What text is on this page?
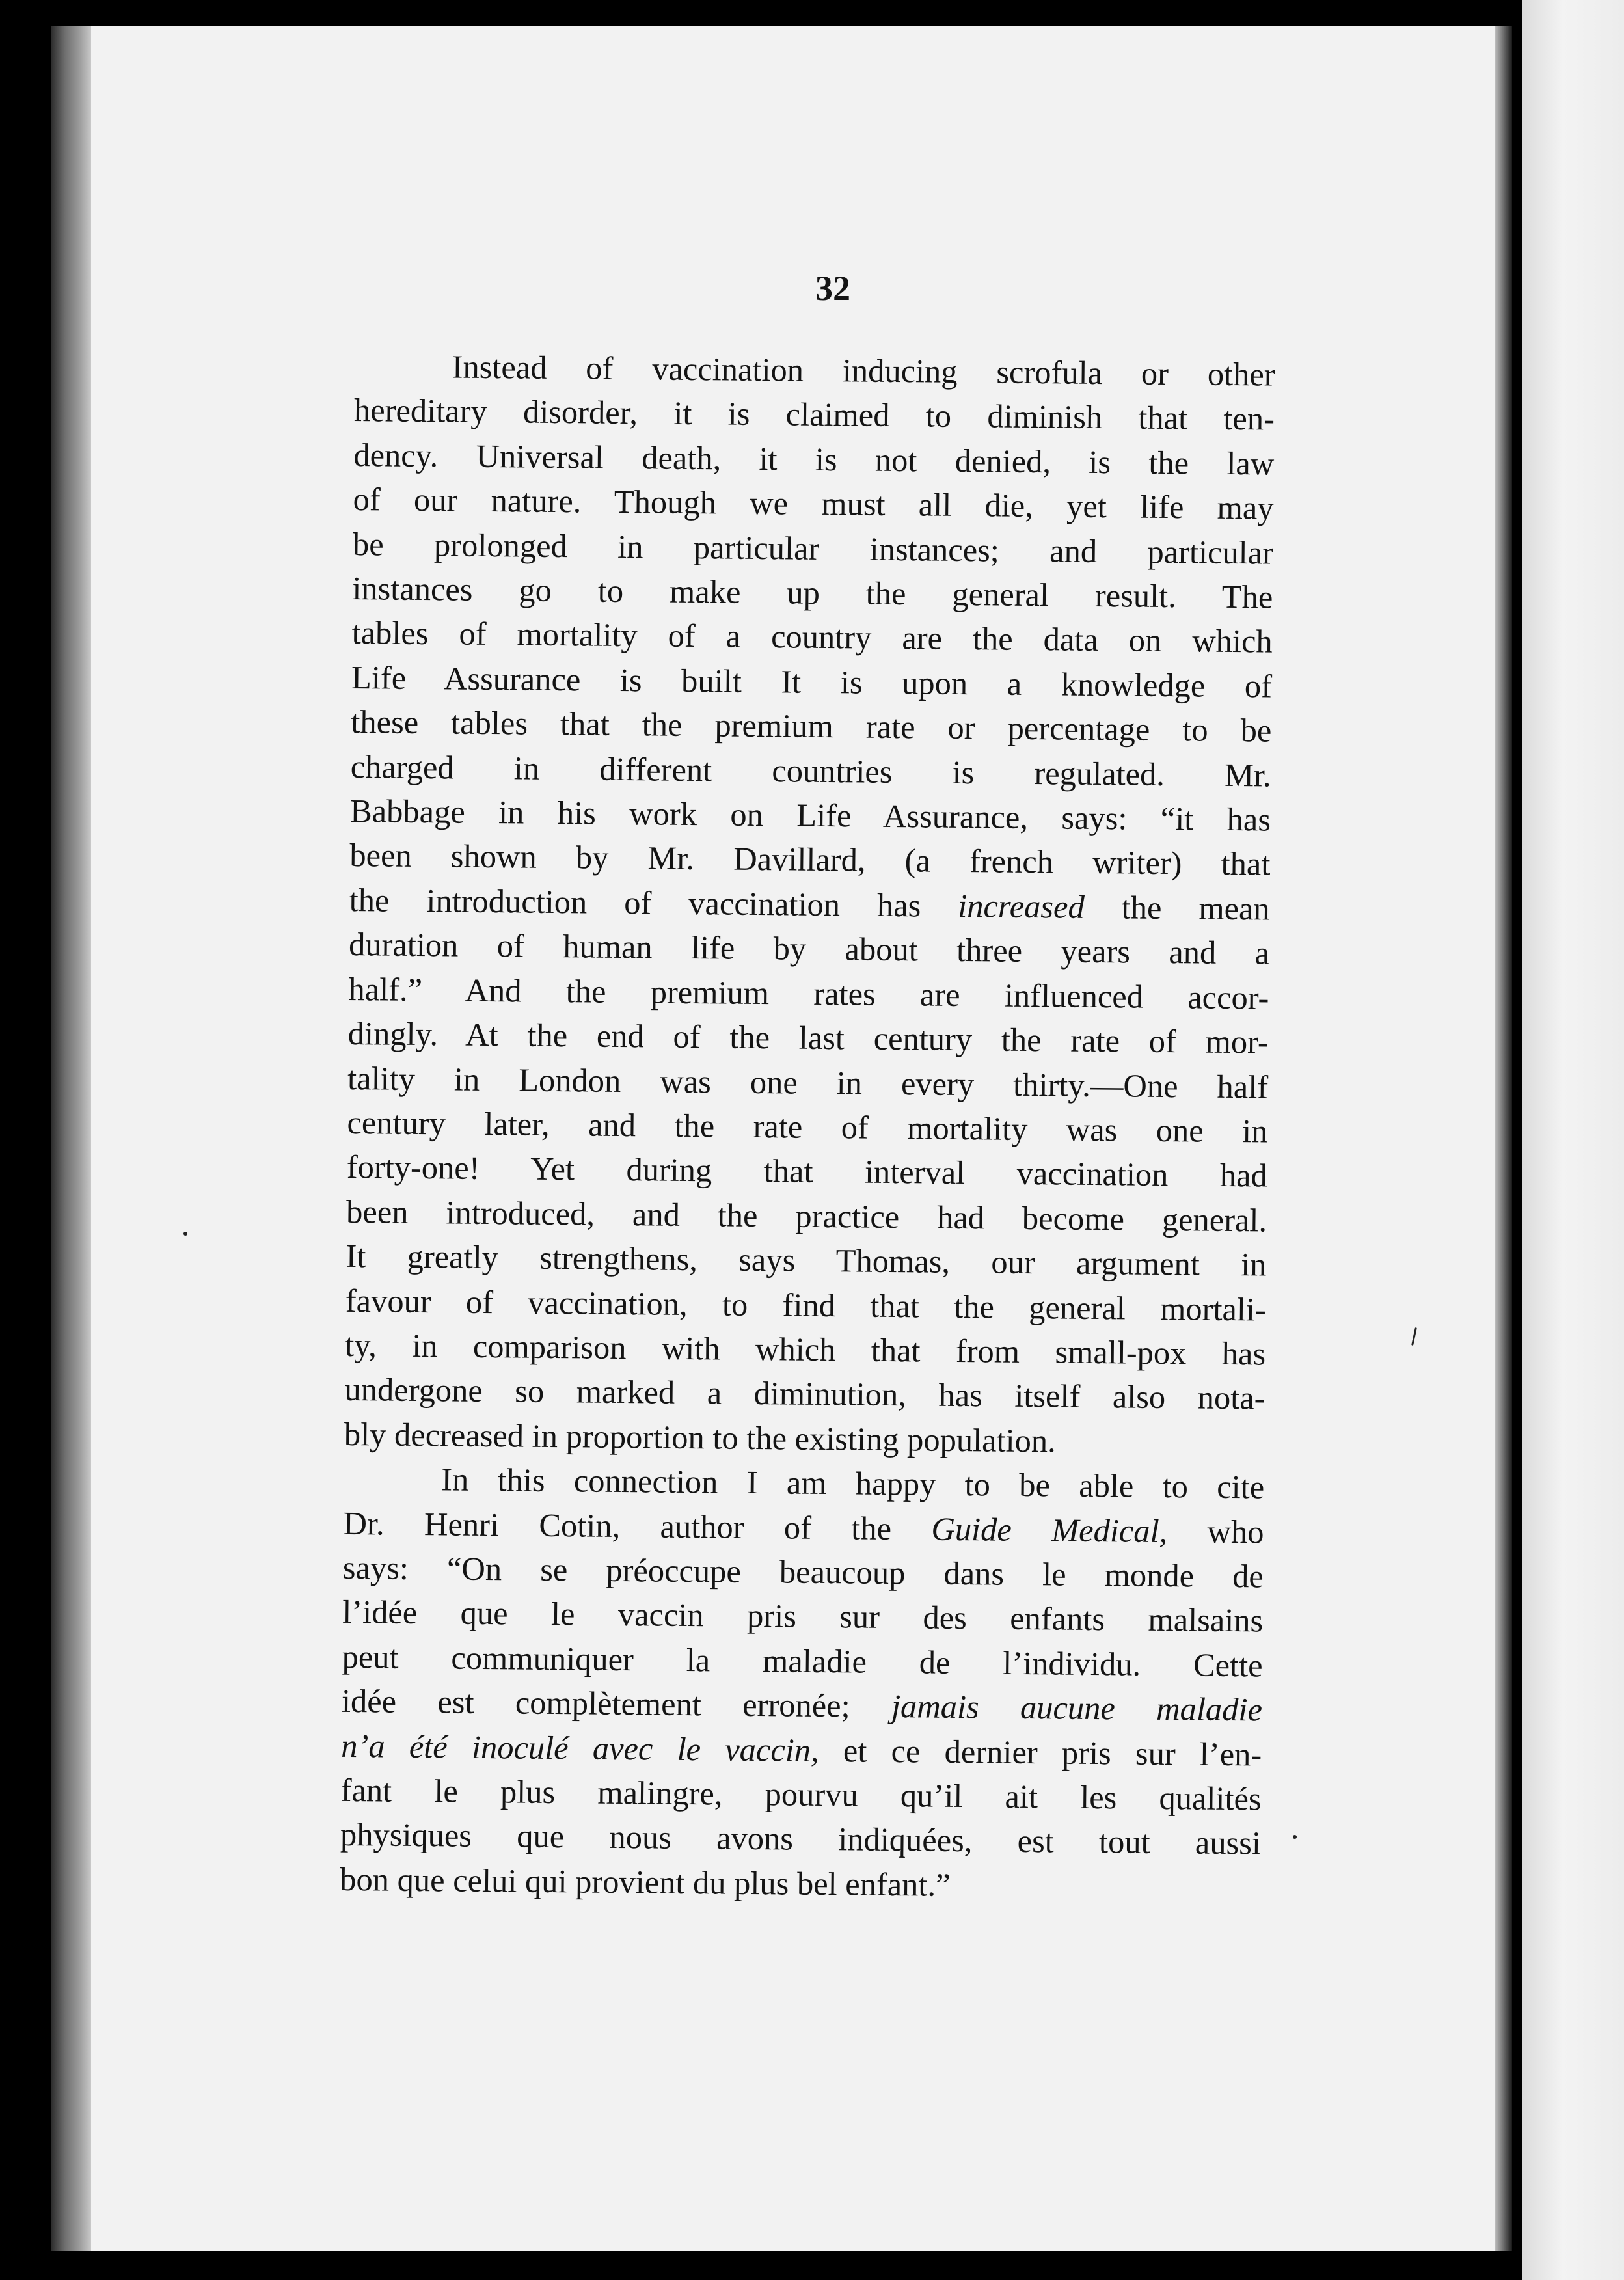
32
Instead of vaccination inducing scrofula or other
hereditary disorder, it is claimed to diminish that ten-
dency. Universal death, it is not denied, is the law
of our nature. Though we must all die, yet life may
be prolonged in particular instances; and particular
instances go to make up the general result. The
tables of mortality of a country are the data on which
Life Assurance is built It is upon a knowledge of
these tables that the premium rate or percentage to be
charged in different countries is regulated. Mr.
Babbage in his work on Life Assurance, says: “it has
been shown by Mr. Davillard, (a french writer) that
the introduction of vaccination has increased the mean
duration of human life by about three years and a
half.” And the premium rates are influenced accor-
dingly. At the end of the last century the rate of mor-
tality in London was one in every thirty.—One half
century later, and the rate of mortality was one in
forty-one! Yet during that interval vaccination had
been introduced, and the practice had become general.
It greatly strengthens, says Thomas, our argument in
favour of vaccination, to find that the general mortali-
ty, in comparison with which that from small-pox has
undergone so marked a diminution, has itself also nota-
bly decreased in proportion to the existing population.
In this connection I am happy to be able to cite
Dr. Henri Cotin, author of the Guide Medical, who
says: “On se préoccupe beaucoup dans le monde de
l’idée que le vaccin pris sur des enfants malsains
peut communiquer la maladie de l’individu. Cette
idée est complètement erronée; jamais aucune maladie
n’a été inoculé avec le vaccin, et ce dernier pris sur l’en-
fant le plus malingre, pourvu qu’il ait les qualités
physiques que nous avons indiquées, est tout aussi
bon que celui qui provient du plus bel enfant.”
